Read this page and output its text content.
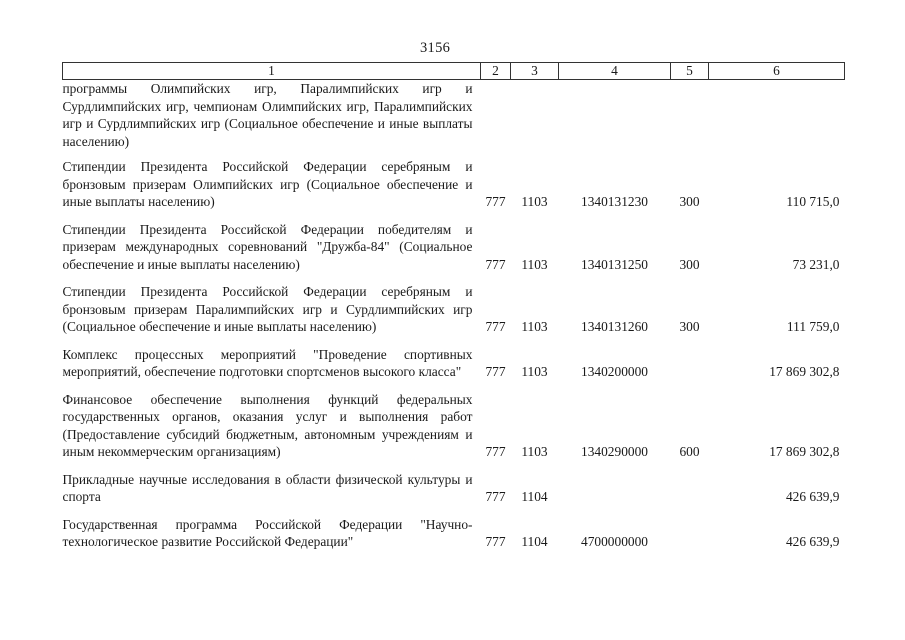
3156
1	2	3	4	5	6
программы Олимпийских игр, Паралимпийских игр и Сурдлимпийских игр, чемпионам Олимпийских игр, Паралимпийских игр и Сурдлимпийских игр (Социальное обеспечение и иные выплаты населению)					
Стипендии Президента Российской Федерации серебряным и бронзовым призерам Олимпийских игр (Социальное обеспечение и иные выплаты населению)	777	1103	1340131230	300	110 715,0
Стипендии Президента Российской Федерации победителям и призерам международных соревнований "Дружба-84" (Социальное обеспечение и иные выплаты населению)	777	1103	1340131250	300	73 231,0
Стипендии Президента Российской Федерации серебряным и бронзовым призерам Паралимпийских игр и Сурдлимпийских игр (Социальное обеспечение и иные выплаты населению)	777	1103	1340131260	300	111 759,0
Комплекс процессных мероприятий "Проведение спортивных мероприятий, обеспечение подготовки спортсменов высокого класса"	777	1103	1340200000		17 869 302,8
Финансовое обеспечение выполнения функций федеральных государственных органов, оказания услуг и выполнения работ (Предоставление субсидий бюджетным, автономным учреждениям и иным некоммерческим организациям)	777	1103	1340290000	600	17 869 302,8
Прикладные научные исследования в области физической культуры и спорта	777	1104			426 639,9
Государственная программа Российской Федерации "Научно-технологическое развитие Российской Федерации"	777	1104	4700000000		426 639,9
